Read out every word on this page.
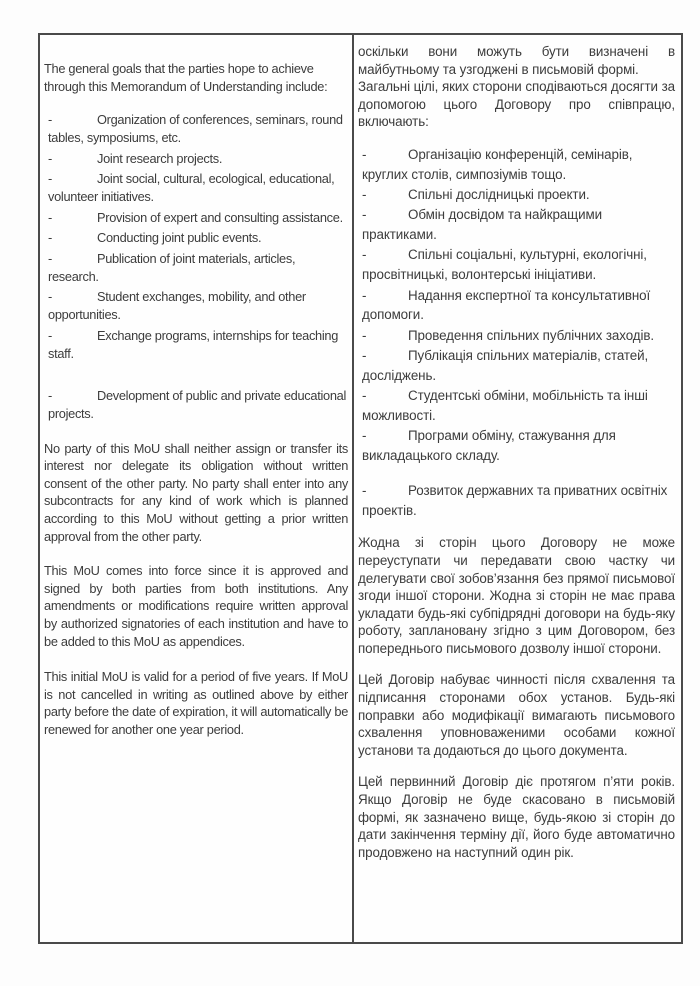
The general goals that the parties hope to achieve through this Memorandum of Understanding include:

-	Organization of conferences, seminars, round tables, symposiums, etc.
-	Joint research projects.
-	Joint social, cultural, ecological, educational, volunteer initiatives.
-	Provision of expert and consulting assistance.
-	Conducting joint public events.
-	Publication of joint materials, articles, research.
-	Student exchanges, mobility, and other opportunities.
-	Exchange programs, internships for teaching staff.
-	Development of public and private educational projects.

No party of this MoU shall neither assign or transfer its interest nor delegate its obligation without written consent of the other party. No party shall enter into any subcontracts for any kind of work which is planned according to this MoU without getting a prior written approval from the other party.

This MoU comes into force since it is approved and signed by both parties from both institutions. Any amendments or modifications require written approval by authorized signatories of each institution and have to be added to this MoU as appendices.

This initial MoU is valid for a period of five years. If MoU is not cancelled in writing as outlined above by either party before the date of expiration, it will automatically be renewed for another one year period.

оскільки вони можуть бути визначені в майбутньому та узгоджені в письмовій формі.

Загальні цілі, яких сторони сподіваються досягти за допомогою цього Договору про співпрацю, включають:

-	Організацію конференцій, семінарів, круглих столів, симпозіумів тощо.
-	Спільні дослідницькі проекти.
-	Обмін досвідом та найкращими практиками.
-	Спільні соціальні, культурні, екологічні, просвітницькі, волонтерські ініціативи.
-	Надання експертної та консультативної допомоги.
-	Проведення спільних публічних заходів.
-	Публікація спільних матеріалів, статей, досліджень.
-	Студентські обміни, мобільність та інші можливості.
-	Програми обміну, стажування для викладацького складу.
-	Розвиток державних та приватних освітніх проектів.

Жодна зі сторін цього Договору не може переуступати чи передавати свою частку чи делегувати свої зобов’язання без прямої письмової згоди іншої сторони. Жодна зі сторін не має права укладати будь-які субпідрядні договори на будь-яку роботу, заплановану згідно з цим Договором, без попереднього письмового дозволу іншої сторони.

Цей Договір набуває чинності після схвалення та підписання сторонами обох установ. Будь-які поправки або модифікації вимагають письмового схвалення уповноваженими особами кожної установи та додаються до цього документа.

Цей первинний Договір діє протягом п’яти років. Якщо Договір не буде скасовано в письмовій формі, як зазначено вище, будь-якою зі сторін до дати закінчення терміну дії, його буде автоматично продовжено на наступний один рік.
